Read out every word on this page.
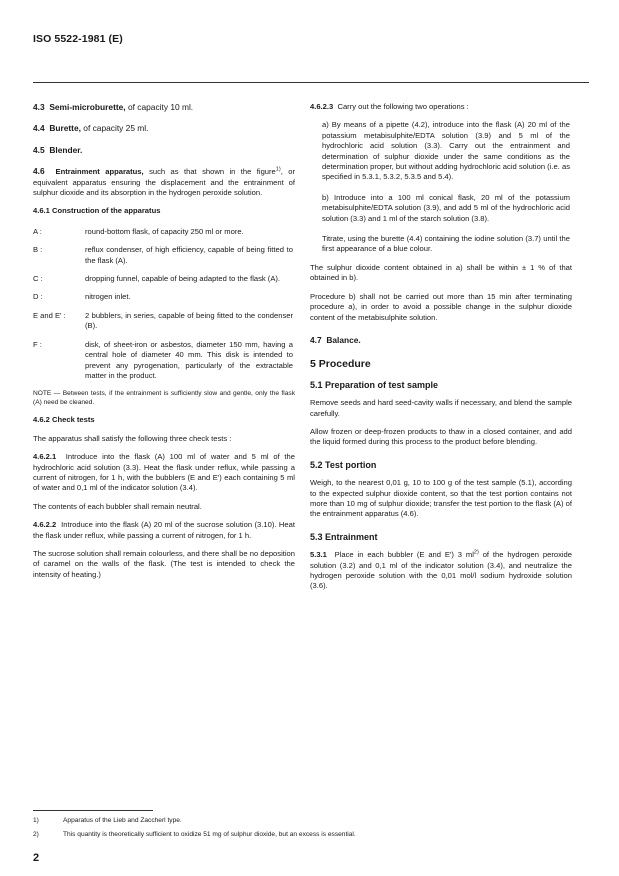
ISO 5522-1981 (E)

4.3 Semi-microburette, of capacity 10 ml.

4.4 Burette, of capacity 25 ml.

4.5 Blender.

4.6 Entrainment apparatus, such as that shown in the figure$^{1)}$, or equivalent apparatus ensuring the displacement and the entrainment of sulphur dioxide and its absorption in the hydrogen peroxide solution.

4.6.1 Construction of the apparatus

A :	round-bottom flask, of capacity 250 ml or more.
B :	reflux condenser, of high efficiency, capable of being fitted to the flask (A).
C :	dropping funnel, capable of being adapted to the flask (A).
D :	nitrogen inlet.
E and E' :	2 bubblers, in series, capable of being fitted to the condenser (B).
F :	disk, of sheet-iron or asbestos, diameter 150 mm, having a central hole of diameter 40 mm. This disk is intended to prevent any pyrogenation, particularly of the extractable matter in the product.

NOTE — Between tests, if the entrainment is sufficiently slow and gentle, only the flask (A) need be cleaned.

4.6.2 Check tests

The apparatus shall satisfy the following three check tests :

4.6.2.1 Introduce into the flask (A) 100 ml of water and 5 ml of the hydrochloric acid solution (3.3). Heat the flask under reflux, while passing a current of nitrogen, for 1 h, with the bubblers (E and E') each containing 5 ml of water and 0,1 ml of the indicator solution (3.4).

The contents of each bubbler shall remain neutral.

4.6.2.2 Introduce into the flask (A) 20 ml of the sucrose solution (3.10). Heat the flask under reflux, while passing a current of nitrogen, for 1 h.

The sucrose solution shall remain colourless, and there shall be no deposition of caramel on the walls of the flask. (The test is intended to check the intensity of heating.)

4.6.2.3 Carry out the following two operations :

a) By means of a pipette (4.2), introduce into the flask (A) 20 ml of the potassium metabisulphite/EDTA solution (3.9) and 5 ml of the hydrochloric acid solution (3.3). Carry out the entrainment and determination of sulphur dioxide under the same conditions as the determination proper, but without adding hydrochloric acid solution (i.e. as specified in 5.3.1, 5.3.2, 5.3.5 and 5.4).

b) Introduce into a 100 ml conical flask, 20 ml of the potassium metabisulphite/EDTA solution (3.9), and add 5 ml of the hydrochloric acid solution (3.3) and 1 ml of the starch solution (3.8).

Titrate, using the burette (4.4) containing the iodine solution (3.7) until the first appearance of a blue colour.

The sulphur dioxide content obtained in a) shall be within ± 1 % of that obtained in b).

Procedure b) shall not be carried out more than 15 min after terminating procedure a), in order to avoid a possible change in the sulphur dioxide content of the metabisulphite solution.

4.7 Balance.

5 Procedure
5.1 Preparation of test sample

Remove seeds and hard seed-cavity walls if necessary, and blend the sample carefully.

Allow frozen or deep-frozen products to thaw in a closed container, and add the liquid formed during this process to the product before blending.

5.2 Test portion

Weigh, to the nearest 0,01 g, 10 to 100 g of the test sample (5.1), according to the expected sulphur dioxide content, so that the test portion contains not more than 10 mg of sulphur dioxide; transfer the test portion to the flask (A) of the entrainment apparatus (4.6).

5.3 Entrainment

5.3.1 Place in each bubbler (E and E') 3 $ml^{2)}$ of the hydrogen peroxide solution (3.2) and 0,1 ml of the indicator solution (3.4), and neutralize the hydrogen peroxide solution with the 0,01 mol/l sodium hydroxide solution (3.6).

1)	Apparatus of the Lieb and Zaccherl type.
2)	This quantity is theoretically sufficient to oxidize 51 mg of sulphur dioxide, but an excess is essential.
2
